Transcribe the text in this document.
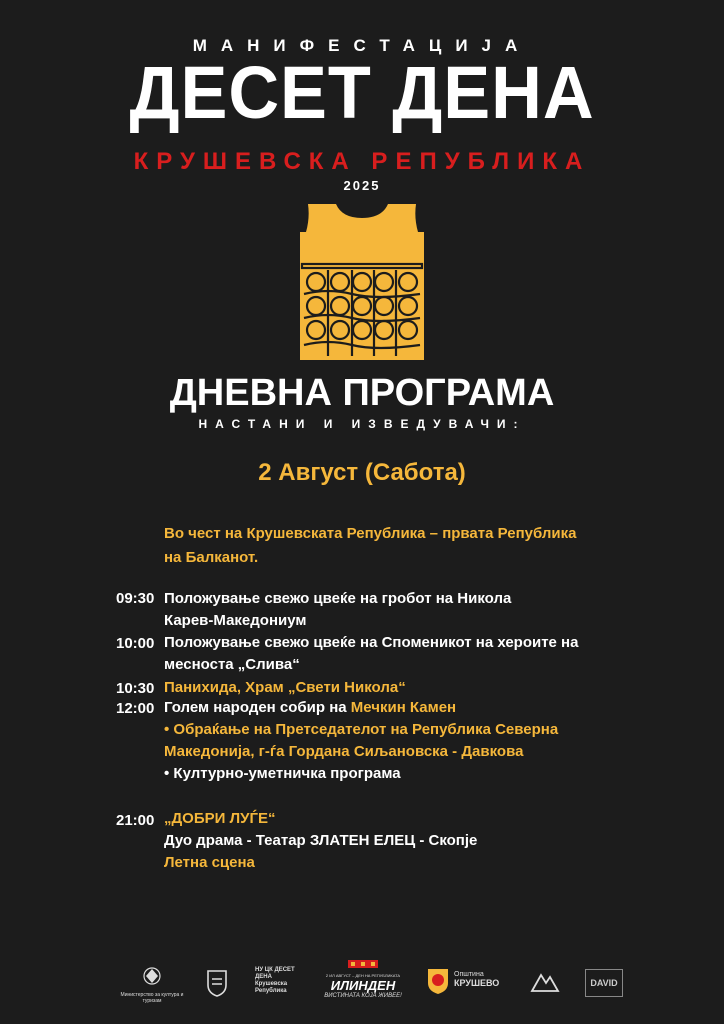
МАНИФЕСТАЦИЈА
ДЕСЕТ ДЕНА
КРУШЕВСКА РЕПУБЛИКА
2025
ДНЕВНА ПРОГРАМА
НАСТАНИ И ИЗВЕДУВАЧИ:
2 Август (Сабота)
Во чест на Крушевската Република – првата Република на Балканот.
09:30 Положување свежо цвеќе на гробот на Никола
Карев-Македониум
10:00 Положување свежо цвеќе на Споменикот на хероите на
месноста „Слива“
10:30 Панихида, Храм „Свети Никола“
12:00 Голем народен собир на Мечкин Камен
• Обраќање на Претседателот на Република Северна
Македонија, г-ѓа Гордана Сиљановска - Давкова
• Културно-уметничка програма
21:00 „ДОБРИ ЛУЃЕ“
Дуо драма - Театар ЗЛАТЕН ЕЛЕЦ - Скопје
Летна сцена
Министерство за култура и туризам
НУ ЦК ДЕСЕТ ДЕНА Крушевска Република
2 ИЛ АВГУСТ – ДЕН НА РЕПУБЛИКАТА
ИЛИНДЕН
ВИСТИНАТА КОЈА ЖИВЕЕ!
Општина
КРУШЕВО	DAVID
